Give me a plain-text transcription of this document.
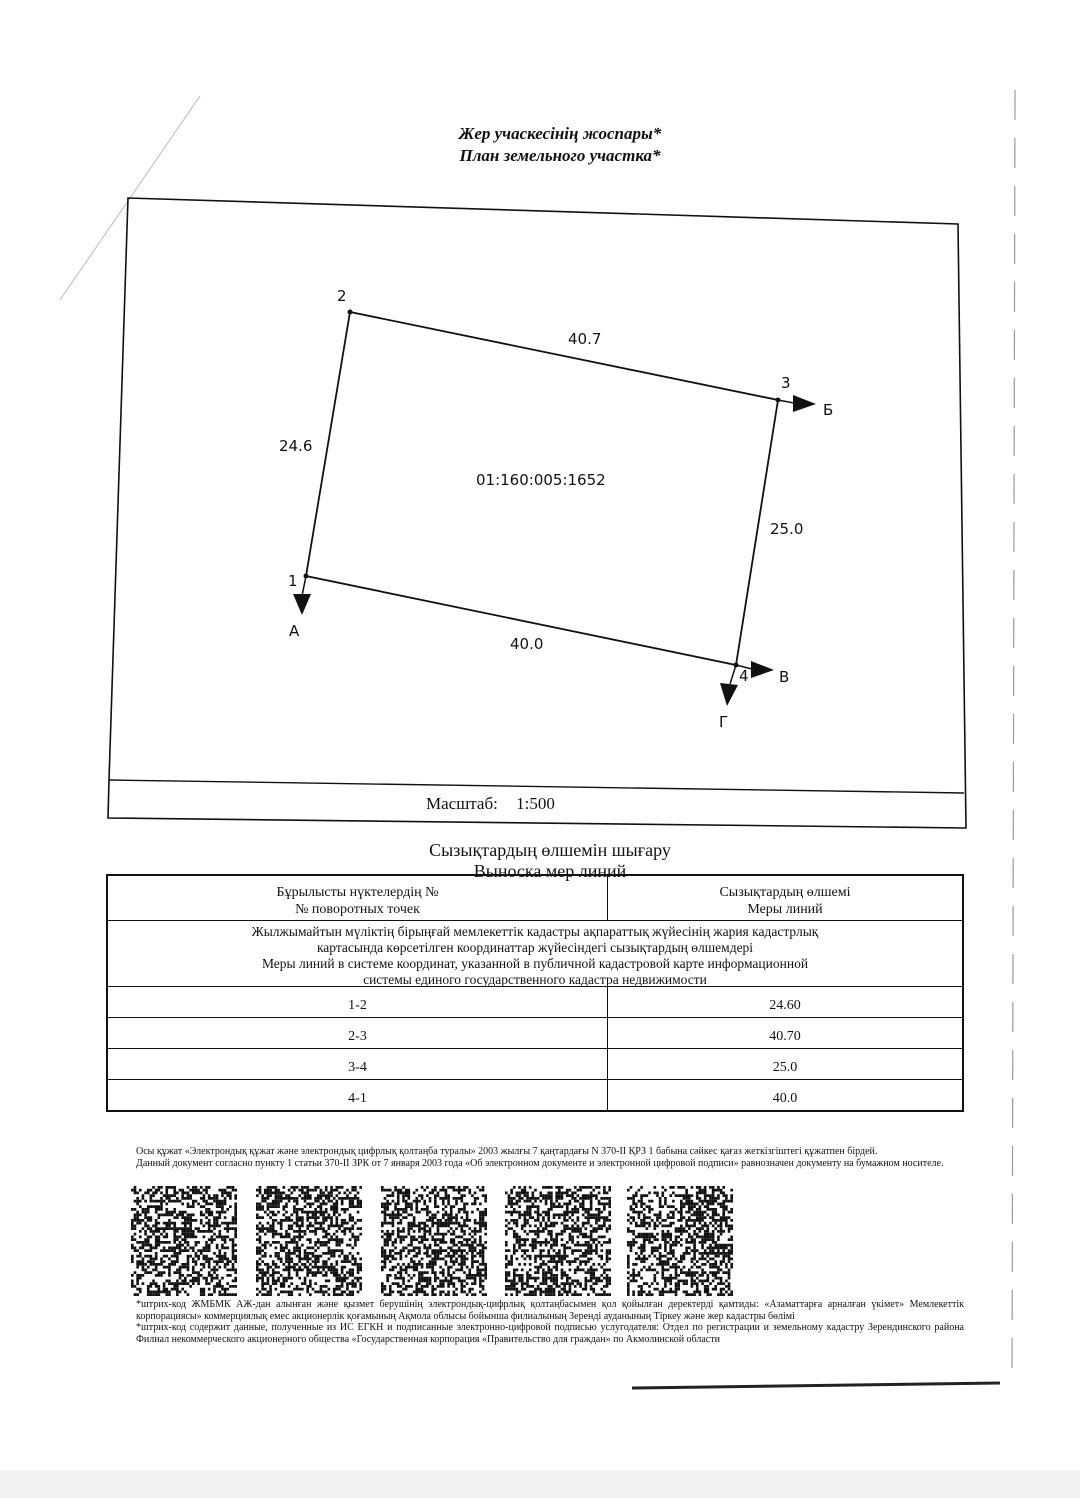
Жер учаскесінің жоспары*
План земельного участка*
2
3
1
4
40.7
24.6
25.0
40.0
01:160:005:1652
А
Б
В
Г
Масштаб: 1:500
Сызықтардың өлшемін шығару
Выноска мер линий
Бұрылысты нүктелердің №
№ поворотных точек
Сызықтардың өлшемі
Меры линий
Жылжымайтын мүліктің бірыңғай мемлекеттік кадастры ақпараттық жүйесінің жария кадастрлық
картасында көрсетілген координаттар жүйесіндегі сызықтардың өлшемдері
Меры линий в системе координат, указанной в публичной кадастровой карте информационной
системы единого государственного кадастра недвижимости
1-2	24.60
2-3	40.70
3-4	25.0
4-1	40.0
Осы құжат «Электрондық құжат және электрондық цифрлық қолтаңба туралы» 2003 жылғы 7 қаңтардағы N 370-II ҚРЗ 1 бабына сәйкес қағаз жеткізгіштегі құжатпен бірдей.
Данный документ согласно пункту 1 статьи 370-II ЗРК от 7 января 2003 года «Об электронном документе и электронной цифровой подписи» равнозначен документу на бумажном носителе.
*штрих-код ЖМБМК АЖ-дан алынған және қызмет берушінің электрондық-цифрлық қолтаңбасымен қол қойылған деректерді қамтиды: «Азаматтарға арналған үкімет» Мемлекеттік корпорациясы» коммерциялық емес акционерлік қоғамының Ақмола облысы бойынша филиалының Зеренді ауданының Тіркеу және жер кадастры бөлімі
*штрих-код содержит данные, полученные из ИС ЕГКН и подписанные электронно-цифровой подписью услугодателя: Отдел по регистрации и земельному кадастру Зерендинского района Филиал некоммерческого акционерного общества «Государственная корпорация «Правительство для граждан» по Акмолинской области
